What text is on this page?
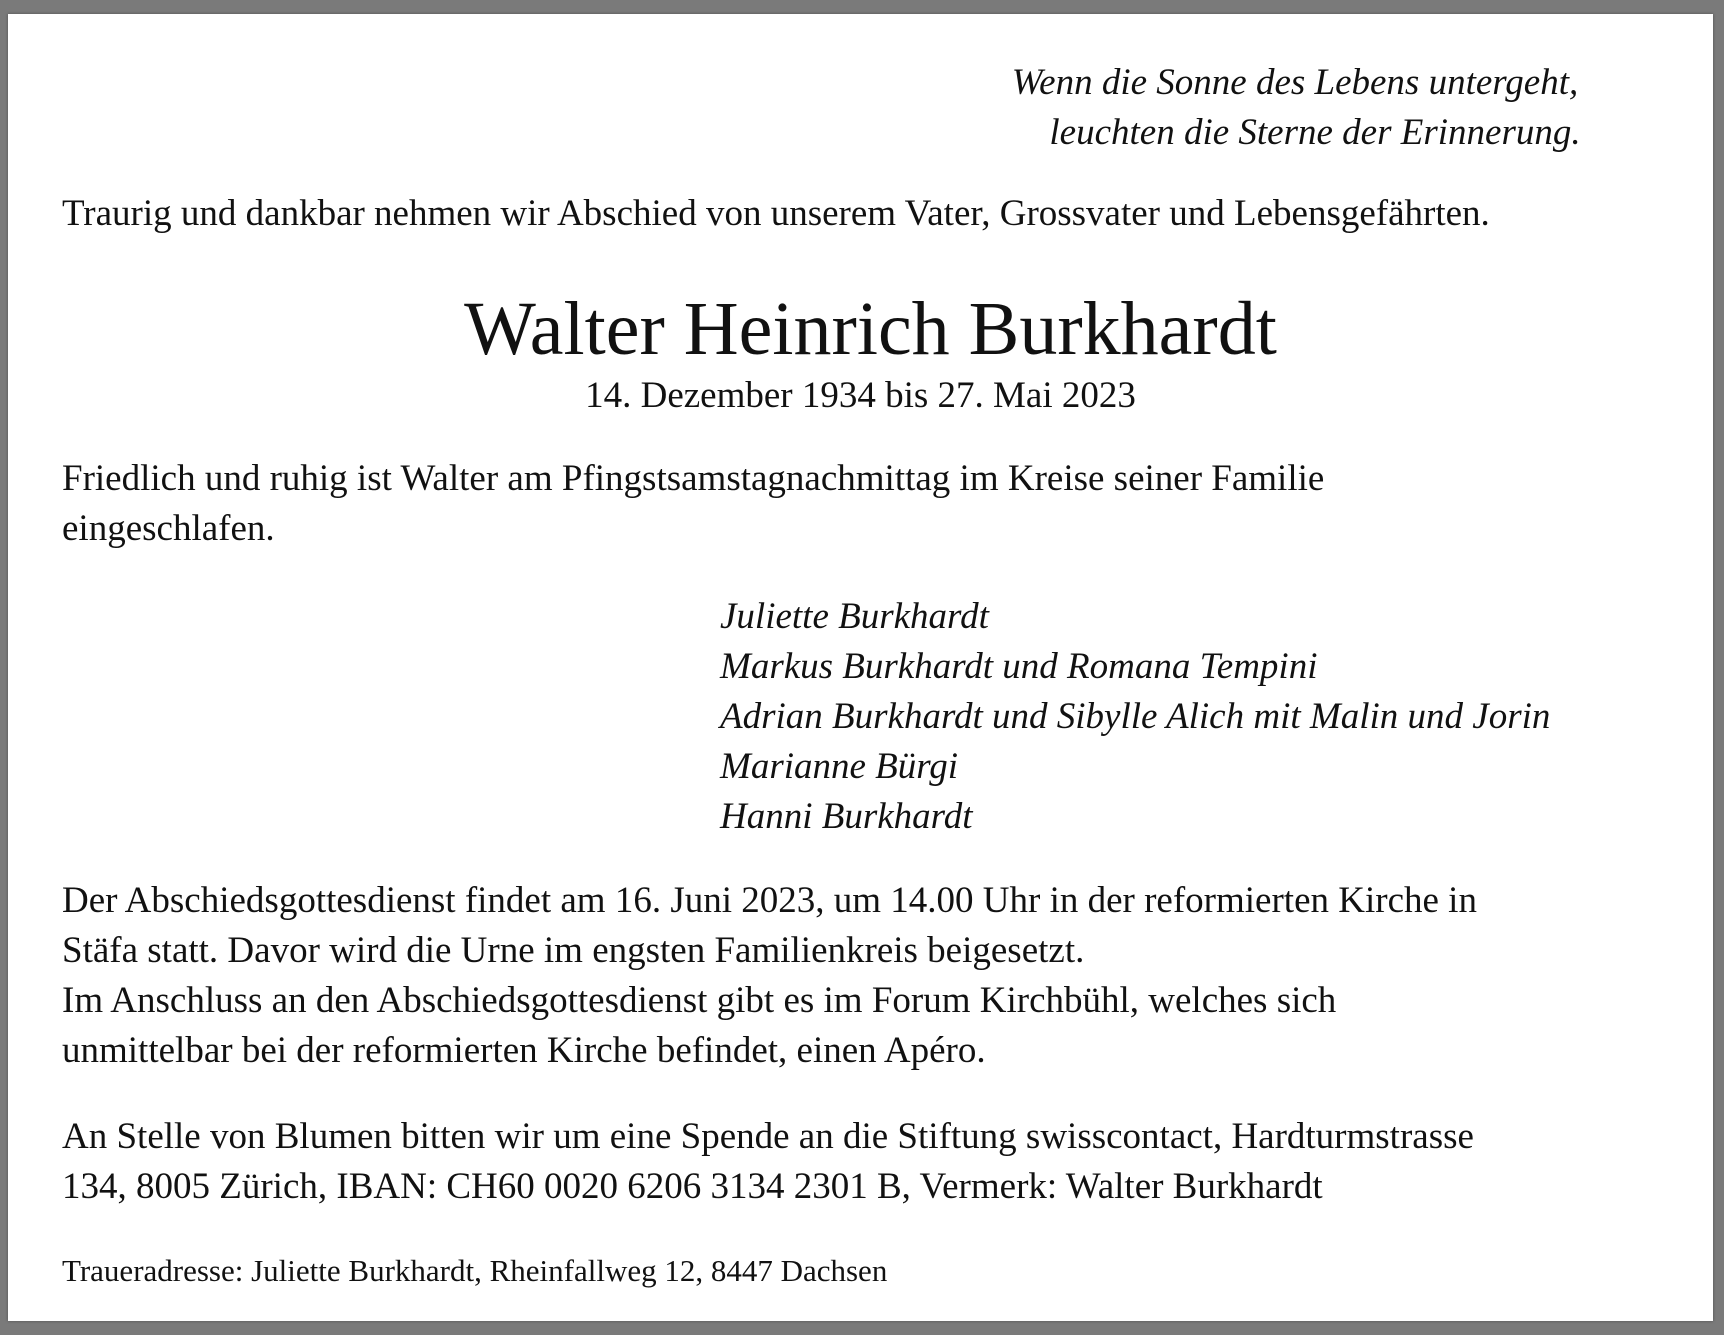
Wenn die Sonne des Lebens untergeht,
leuchten die Sterne der Erinnerung.
Traurig und dankbar nehmen wir Abschied von unserem Vater, Grossvater und Lebensgefährten.
Walter Heinrich Burkhardt
14. Dezember 1934 bis 27. Mai 2023
Friedlich und ruhig ist Walter am Pfingstsamstagnachmittag im Kreise seiner Familie
eingeschlafen.
Juliette Burkhardt
Markus Burkhardt und Romana Tempini
Adrian Burkhardt und Sibylle Alich mit Malin und Jorin
Marianne Bürgi
Hanni Burkhardt
Der Abschiedsgottesdienst findet am 16. Juni 2023, um 14.00 Uhr in der reformierten Kirche in
Stäfa statt. Davor wird die Urne im engsten Familienkreis beigesetzt.
Im Anschluss an den Abschiedsgottesdienst gibt es im Forum Kirchbühl, welches sich
unmittelbar bei der reformierten Kirche befindet, einen Apéro.
An Stelle von Blumen bitten wir um eine Spende an die Stiftung swisscontact, Hardturmstrasse
134, 8005 Zürich, IBAN: CH60 0020 6206 3134 2301 B, Vermerk: Walter Burkhardt
Traueradresse: Juliette Burkhardt, Rheinfallweg 12, 8447 Dachsen
